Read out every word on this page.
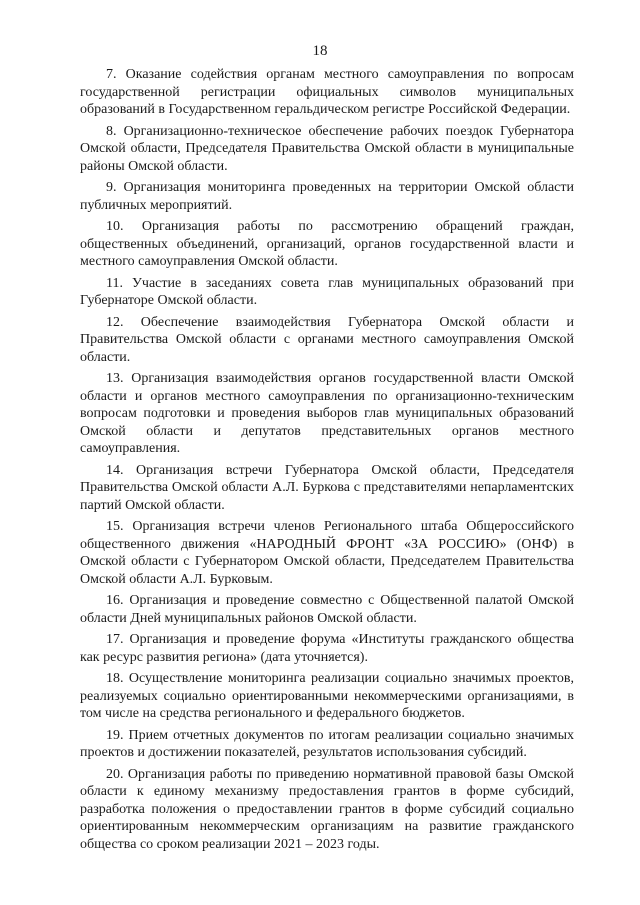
18

7. Оказание содействия органам местного самоуправления по вопросам государственной регистрации официальных символов муниципальных образований в Государственном геральдическом регистре Российской Федерации.

8. Организационно-техническое обеспечение рабочих поездок Губернатора Омской области, Председателя Правительства Омской области в муниципальные районы Омской области.

9. Организация мониторинга проведенных на территории Омской области публичных мероприятий.

10. Организация работы по рассмотрению обращений граждан, общественных объединений, организаций, органов государственной власти и местного самоуправления Омской области.

11. Участие в заседаниях совета глав муниципальных образований при Губернаторе Омской области.

12. Обеспечение взаимодействия Губернатора Омской области и Правительства Омской области с органами местного самоуправления Омской области.

13. Организация взаимодействия органов государственной власти Омской области и органов местного самоуправления по организационно-техническим вопросам подготовки и проведения выборов глав муниципальных образований Омской области и депутатов представительных органов местного самоуправления.

14. Организация встречи Губернатора Омской области, Председателя Правительства Омской области А.Л. Буркова с представителями непарламентских партий Омской области.

15. Организация встречи членов Регионального штаба Общероссийского общественного движения «НАРОДНЫЙ ФРОНТ «ЗА РОССИЮ» (ОНФ) в Омской области с Губернатором Омской области, Председателем Правительства Омской области А.Л. Бурковым.

16. Организация и проведение совместно с Общественной палатой Омской области Дней муниципальных районов Омской области.

17. Организация и проведение форума «Институты гражданского общества как ресурс развития региона» (дата уточняется).

18. Осуществление мониторинга реализации социально значимых проектов, реализуемых социально ориентированными некоммерческими организациями, в том числе на средства регионального и федерального бюджетов.

19. Прием отчетных документов по итогам реализации социально значимых проектов и достижении показателей, результатов использования субсидий.

20. Организация работы по приведению нормативной правовой базы Омской области к единому механизму предоставления грантов в форме субсидий, разработка положения о предоставлении грантов в форме субсидий социально ориентированным некоммерческим организациям на развитие гражданского общества со сроком реализации 2021 – 2023 годы.
